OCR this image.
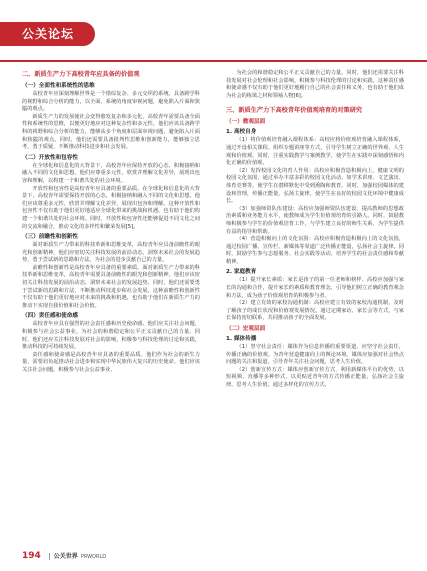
公关论坛

二、新质生产力下高校青年应具备的价值观

（一）全面性和系统性的思维

高校青年应深刻理解世界是一个错综复杂、多元交织的系统。具备跨学科的视野和综合分析的能力，以全面、系统的角度审视问题，避免陷入片面和狭隘的观点。

新质生产力的发展使社会变得愈发复杂和多元化，高校青年需要具备全面性和系统性的思维，以便更好地应对这种复杂性和多元性。他们应该具备跨学科的视野和综合分析的能力，能够从多个角度和层面审视问题，避免陷入片面和狭隘的观点。同时，他们还需要具备批判性思维和创新能力，能够独立思考，勇于质疑，不断推动科技进步和社会发展。

（二）开放性和包容性

在全球化和信息化的大背景下，高校青年应保持开放的心态，积极接纳和融入不同的文化和思想。他们应尊重多元性，欣赏并理解文化差异，展现出包容和理解，以构建一个和谐共处的社会环境。

开放性和包容性是高校青年应具备的重要品质。在全球化和信息化的大背景下，高校青年需要保持开放的心态，积极接纳和融入不同的文化和思想。他们应该尊重多元性，欣赏并理解文化差异，展现出包容和理解。这种开放性和包容性不仅有助于他们更好地适应全球化带来的挑战和机遇，也有助于他们构建一个和谐共处的社会环境。同时，开放性和包容性还能够促进不同文化之间的交流和融合，推动文化的多样性和繁荣发展[5]。

（三）前瞻性和创新性

面对新质生产力带来的科技革新和思维变革，高校青年应具备前瞻性的眼光和创新精神。他们应密切关注科技发展的前沿动态，洞察未来社会的发展趋势，勇于尝试新的思路和方法，为社会的进步贡献自己的力量。

前瞻性和创新性是高校青年应具备的重要素质。面对新质生产力带来的科技革新和思维变革，高校青年需要具备前瞻性的眼光和创新精神。他们应该密切关注科技发展的前沿动态，洞察未来社会的发展趋势。同时，他们还需要勇于尝试新的思路和方法，不断推动科技进步和社会发展。这种前瞻性和创新性不仅有助于他们更好地应对未来的挑战和机遇，也有助于他们在新质生产力的推动下实现自我价值和社会价值。

（四）责任感和使命感

高校青年应具有强烈的社会责任感和历史使命感。他们应关注社会问题，积极参与社会公益事业，为社会的和谐稳定和公平正义贡献自己的力量。同时，他们还应关注科技发展对社会的影响，积极参与科技伦理的讨论和实践，推动科技的可持续发展。

责任感和使命感是高校青年应具备的重要品质。他们作为社会的新生力量，需要肩负起推动社会进步和实现中华民族伟大复兴的历史使命。他们应该关注社会问题，积极参与社会公益事业，

为社会的和谐稳定和公平正义贡献自己的力量。同时，他们还需要关注科技发展对社会伦理和社会影响，积极参与科技伦理的讨论和实践。这种责任感和使命感不仅有助于他们更好地履行自己的社会责任和义务，也有助于他们成为社会的栋梁之材和领袖人物[6]。

三、新质生产力下高校青年价值观培育的对策研究

（一）微观层面

1. 高校自身

（1）将价值观培育融入课程体系：高校应将价值观培育融入课程体系，通过开设相关课程、组织专题讲座等方式，引导学生树立正确的世界观、人生观和价值观。同时，注重实践教学与案例教学，使学生在实践中深刻感悟和内化正确的价值观。

（2）发挥校园文化的育人作用：高校应积极营造积极向上、健康文明的校园文化氛围，通过举办丰富多彩的校园文化活动，如学术讲座、文艺演出、体育竞赛等，使学生在潜移默化中受到熏陶和教育。同时，加强校园媒体的建设和管理，传播正能量，弘扬主旋律，使学生在良好的校园文化环境中健康成长。

（3）加强师资队伍建设：高校应加强师资队伍建设，提高教师的思想政治素质和业务能力水平，使教师成为学生价值观培育的引路人。同时，鼓励教师积极参与学生的价值观培育工作，与学生建立良好的师生关系，为学生提供有益的指导和帮助。

（4）营造积极向上的文化氛围：高校应积极营造积极向上的文化氛围，通过校园广播、宣传栏、新媒体等渠道广泛传播正能量，弘扬社会主旋律。同时，鼓励学生参与志愿服务、社会实践等活动，培养学生的社会责任感和奉献精神。

2. 家庭教育

（1）提升家长素质：家长是孩子的第一任老师和榜样。高校应加强与家长的沟通和合作，提升家长的素质和教育理念，引导他们树立正确的教育观念和方法，成为孩子价值观培育的积极参与者。

（2）建立有效的家校沟通机制：高校应建立有效的家校沟通机制，及时了解孩子的成长状况和价值观发展情况。通过定期家访、家长会等方式，与家长保持密切联系，共同推动孩子的全面发展。

（二）宏观层面

1. 媒体传播

（1）坚守社会责任：媒体作为信息传播的重要渠道，应坚守社会责任，传播正确的价值观。为青年营造健康向上的舆论环境。媒体应加强对社会热点问题的关注和报道，引导青年关注社会问题，思考人生价值。

（2）创新宣传方式：媒体应创新宣传方式，利用新媒体平台的优势，以短视频、直播等多种形式，以更贴近青年的方式传播正能量，弘扬社会主旋律。思考人生价值。通过多样化的宣传方式，

194 公关世界 PRWORLD
